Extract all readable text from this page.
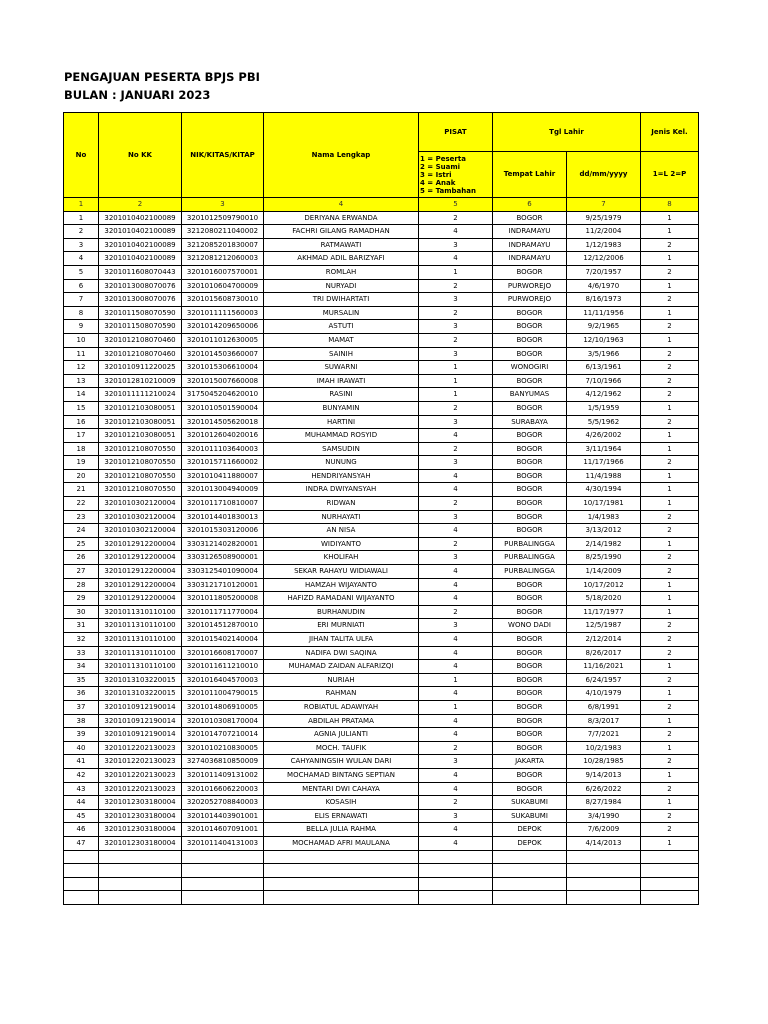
PENGAJUAN PESERTA BPJS PBI
BULAN : JANUARI 2023
No	No KK	NIK/KITAS/KITAP	Nama Lengkap	PISAT	Tgl Lahir		Jenis Kel.

				1 = Peserta
2 = Suami
3 = Istri
4 = Anak
5 = Tambahan	Tempat Lahir	dd/mm/yyyy	1=L 2=P
1	2	3	4	5	6	7	8
1	3201010402100089	3201012509790010	DERIYANA ERWANDA	2	BOGOR	9/25/1979	1
2	3201010402100089	3212080211040002	FACHRI GILANG RAMADHAN	4	INDRAMAYU	11/2/2004	1
3	3201010402100089	3212085201830007	RATMAWATI	3	INDRAMAYU	1/12/1983	2
4	3201010402100089	3212081212060003	AKHMAD ADIL BARIZYAFI	4	INDRAMAYU	12/12/2006	1
5	3201011608070443	3201016007570001	ROMLAH	1	BOGOR	7/20/1957	2
6	3201013008070076	3201010604700009	NURYADI	2	PURWOREJO	4/6/1970	1
7	3201013008070076	3201015608730010	TRI DWIHARTATI	3	PURWOREJO	8/16/1973	2
8	3201011508070590	3201011111560003	MURSALIN	2	BOGOR	11/11/1956	1
9	3201011508070590	3201014209650006	ASTUTI	3	BOGOR	9/2/1965	2
10	3201012108070460	3201011012630005	MAMAT	2	BOGOR	12/10/1963	1
11	3201012108070460	3201014503660007	SAINIH	3	BOGOR	3/5/1966	2
12	3201010911220025	3201015306610004	SUWARNI	1	WONOGIRI	6/13/1961	2
13	3201012810210009	3201015007660008	IMAH IRAWATI	1	BOGOR	7/10/1966	2
14	3201011111210024	3175045204620010	RASINI	1	BANYUMAS	4/12/1962	2
15	3201012103080051	3201010501590004	BUNYAMIN	2	BOGOR	1/5/1959	1
16	3201012103080051	3201014505620018	HARTINI	3	SURABAYA	5/5/1962	2
17	3201012103080051	3201012604020016	MUHAMMAD ROSYID	4	BOGOR	4/26/2002	1
18	3201012108070550	3201011103640003	SAMSUDIN	2	BOGOR	3/11/1964	1
19	3201012108070550	3201015711660002	NUNUNG	3	BOGOR	11/17/1966	2
20	3201012108070550	3201010411880007	HENDRIYANSYAH	4	BOGOR	11/4/1988	1
21	3201012108070550	3201013004940009	INDRA DWIYANSYAH	4	BOGOR	4/30/1994	1
22	3201010302120004	3201011710810007	RIDWAN	2	BOGOR	10/17/1981	1
23	3201010302120004	3201014401830013	NURHAYATI	3	BOGOR	1/4/1983	2
24	3201010302120004	3201015303120006	AN NISA	4	BOGOR	3/13/2012	2
25	3201012912200004	3303121402820001	WIDIYANTO	2	PURBALINGGA	2/14/1982	1
26	3201012912200004	3303126508900001	KHOLIFAH	3	PURBALINGGA	8/25/1990	2
27	3201012912200004	3303125401090004	SEKAR RAHAYU WIDIAWALI	4	PURBALINGGA	1/14/2009	2
28	3201012912200004	3303121710120001	HAMZAH WIJAYANTO	4	BOGOR	10/17/2012	1
29	3201012912200004	3201011805200008	HAFIZD RAMADANI WIJAYANTO	4	BOGOR	5/18/2020	1
30	3201011310110100	3201011711770004	BURHANUDIN	2	BOGOR	11/17/1977	1
31	3201011310110100	3201014512870010	ERI MURNIATI	3	WONO DADI	12/5/1987	2
32	3201011310110100	3201015402140004	JIHAN TALITA ULFA	4	BOGOR	2/12/2014	2
33	3201011310110100	3201016608170007	NADIFA DWI SAQINA	4	BOGOR	8/26/2017	2
34	3201011310110100	3201011611210010	MUHAMAD ZAIDAN ALFARIZQI	4	BOGOR	11/16/2021	1
35	3201013103220015	3201016404570003	NURIAH	1	BOGOR	6/24/1957	2
36	3201013103220015	3201011004790015	RAHMAN	4	BOGOR	4/10/1979	1
37	3201010912190014	3201014806910005	ROBIATUL ADAWIYAH	1	BOGOR	6/8/1991	2
38	3201010912190014	3201010308170004	ABDILAH PRATAMA	4	BOGOR	8/3/2017	1
39	3201010912190014	3201014707210014	AGNIA JULIANTI	4	BOGOR	7/7/2021	2
40	3201012202130023	3201010210830005	MOCH. TAUFIK	2	BOGOR	10/2/1983	1
41	3201012202130023	3274036810850009	CAHYANINGSIH WULAN DARI	3	JAKARTA	10/28/1985	2
42	3201012202130023	3201011409131002	MOCHAMAD BINTANG SEPTIAN	4	BOGOR	9/14/2013	1
43	3201012202130023	3201016606220003	MENTARI DWI CAHAYA	4	BOGOR	6/26/2022	2
44	3201012303180004	3202052708840003	KOSASIH	2	SUKABUMI	8/27/1984	1
45	3201012303180004	3201014403901001	ELIS ERNAWATI	3	SUKABUMI	3/4/1990	2
46	3201012303180004	3201014607091001	BELLA JULIA RAHMA	4	DEPOK	7/6/2009	2
47	3201012303180004	3201011404131003	MOCHAMAD AFRI MAULANA	4	DEPOK	4/14/2013	1
